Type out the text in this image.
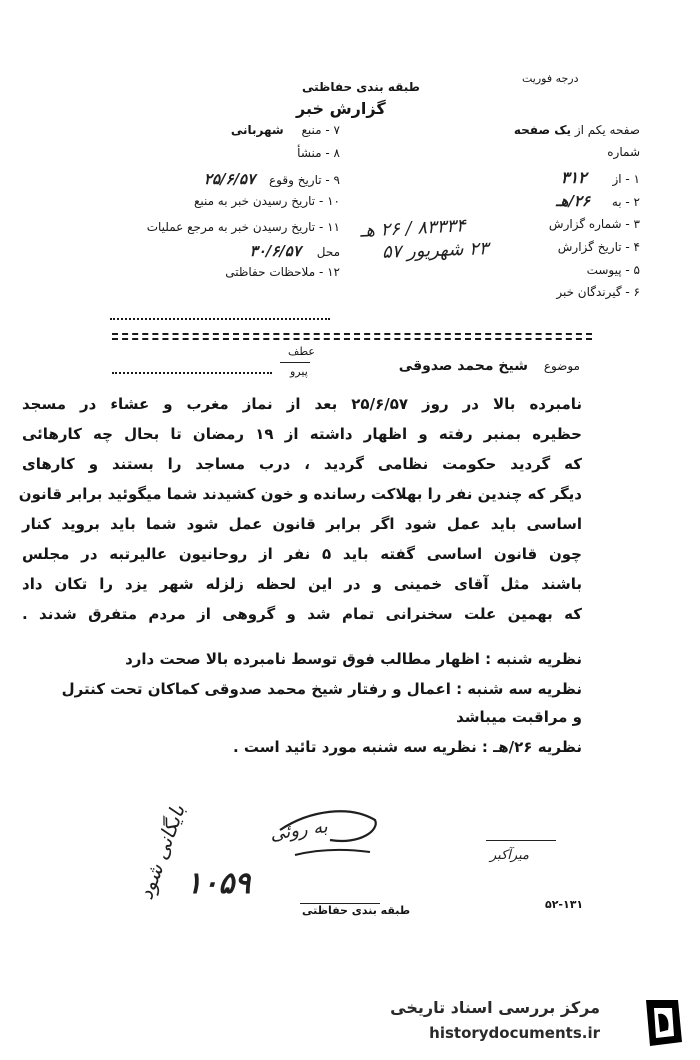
طبقه بندی حفاظتی
درجه فوریت
گزارش خبر
صفحه یکم از یک صفحه
شماره
۱ - از ۳۱۲
۲ - به ۲۶/هـ
۳ - شماره گزارش
۴ - تاریخ گزارش
۵ - پیوست
۶ - گیرندگان خبر
۸۳۳۳۴ / ۲۶ هـ
۲۳ شهریور ۵۷
۷ - منبع شهربانی
۸ - منشأ
۹ - تاریخ وقوع ۲۵/۶/۵۷
۱۰ - تاریخ رسیدن خبر به منبع
۱۱ - تاریخ رسیدن خبر به مرجع عملیات
محل ۳۰/۶/۵۷
۱۲ - ملاحظات حفاظتی
موضوع شیخ محمد صدوقی
عطف
پیرو
نامبرده بالا در روز ۲۵/۶/۵۷ بعد از نماز مغرب و عشاء در مسجد
حظیره بمنبر رفته و اظهار داشته از ۱۹ رمضان تا بحال چه کارهائی
که گردید حکومت نظامی گردید ، درب مساجد را بستند و کارهای
دیگر که چندین نفر را بهلاکت رسانده و خون کشیدند شما میگوئید برابر قانون
اساسی باید عمل شود اگر برابر قانون عمل شود شما باید بروید کنار
چون قانون اساسی گفته باید ۵ نفر از روحانیون عالیرتبه در مجلس
باشند مثل آقای خمینی و در این لحظه زلزله شهر یزد را تکان داد
که بهمین علت سخنرانی تمام شد و گروهی از مردم متفرق شدند .
نظریه شنبه : اظهار مطالب فوق توسط نامبرده بالا صحت دارد
نظریه سه شنبه : اعمال و رفتار شیخ محمد صدوقی کماکان تحت کنترل
و مراقبت میباشد
نظریه ۲۶/هـ : نظریه سه شنبه مورد تائید است .
بایگانی شود
۱۰۵۹
به روئی
میرآکبر
طبقه بندی حفاظتی	۵۲-۱۳۱
مرکز بررسی اسناد تاریخی
historydocuments.ir
